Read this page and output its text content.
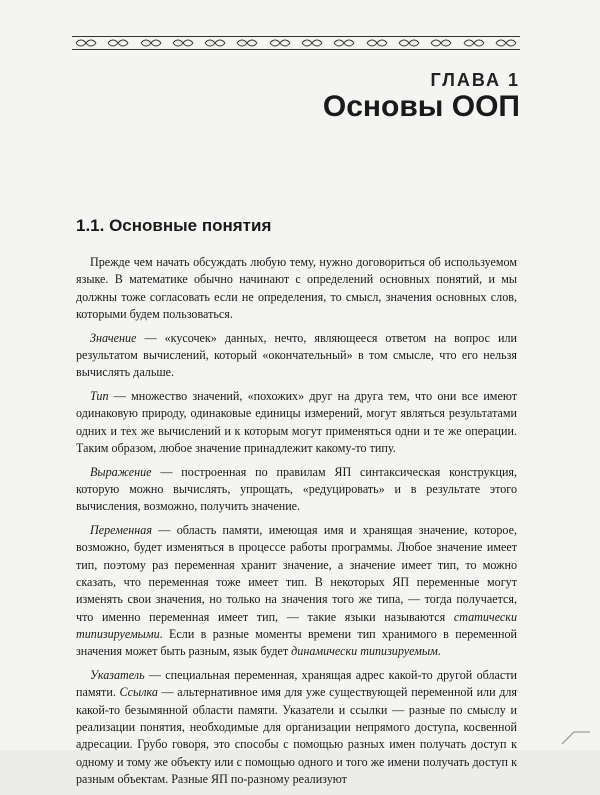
ГЛАВА 1
Основы ООП
1.1. Основные понятия

Прежде чем начать обсуждать любую тему, нужно договориться об используемом языке. В математике обычно начинают с определений основных понятий, и мы должны тоже согласовать если не определения, то смысл, значения основных слов, которыми будем пользоваться.

Значение — «кусочек» данных, нечто, являющееся ответом на вопрос или результатом вычислений, который «окончательный» в том смысле, что его нельзя вычислять дальше.

Тип — множество значений, «похожих» друг на друга тем, что они все имеют одинаковую природу, одинаковые единицы измерений, могут являться результатами одних и тех же вычислений и к которым могут применяться одни и те же операции. Таким образом, любое значение принадлежит какому-то типу.

Выражение — построенная по правилам ЯП синтаксическая конструкция, которую можно вычислять, упрощать, «редуцировать» и в результате этого вычисления, возможно, получить значение.

Переменная — область памяти, имеющая имя и хранящая значение, которое, возможно, будет изменяться в процессе работы программы. Любое значение имеет тип, поэтому раз переменная хранит значение, а значение имеет тип, то можно сказать, что переменная тоже имеет тип. В некоторых ЯП переменные могут изменять свои значения, но только на значения того же типа, — тогда получается, что именно переменная имеет тип, — такие языки называются статически типизируемыми. Если в разные моменты времени тип хранимого в переменной значения может быть разным, язык будет динамически типизируемым.

Указатель — специальная переменная, хранящая адрес какой-то другой области памяти. Ссылка — альтернативное имя для уже существующей переменной или для какой-то безымянной области памяти. Указатели и ссылки — разные по смыслу и реализации понятия, необходимые для организации непрямого доступа, косвенной адресации. Грубо говоря, это способы с помощью разных имен получать доступ к одному и тому же объекту или с помощью одного и того же имени получать доступ к разным объектам. Разные ЯП по-разному реализуют
